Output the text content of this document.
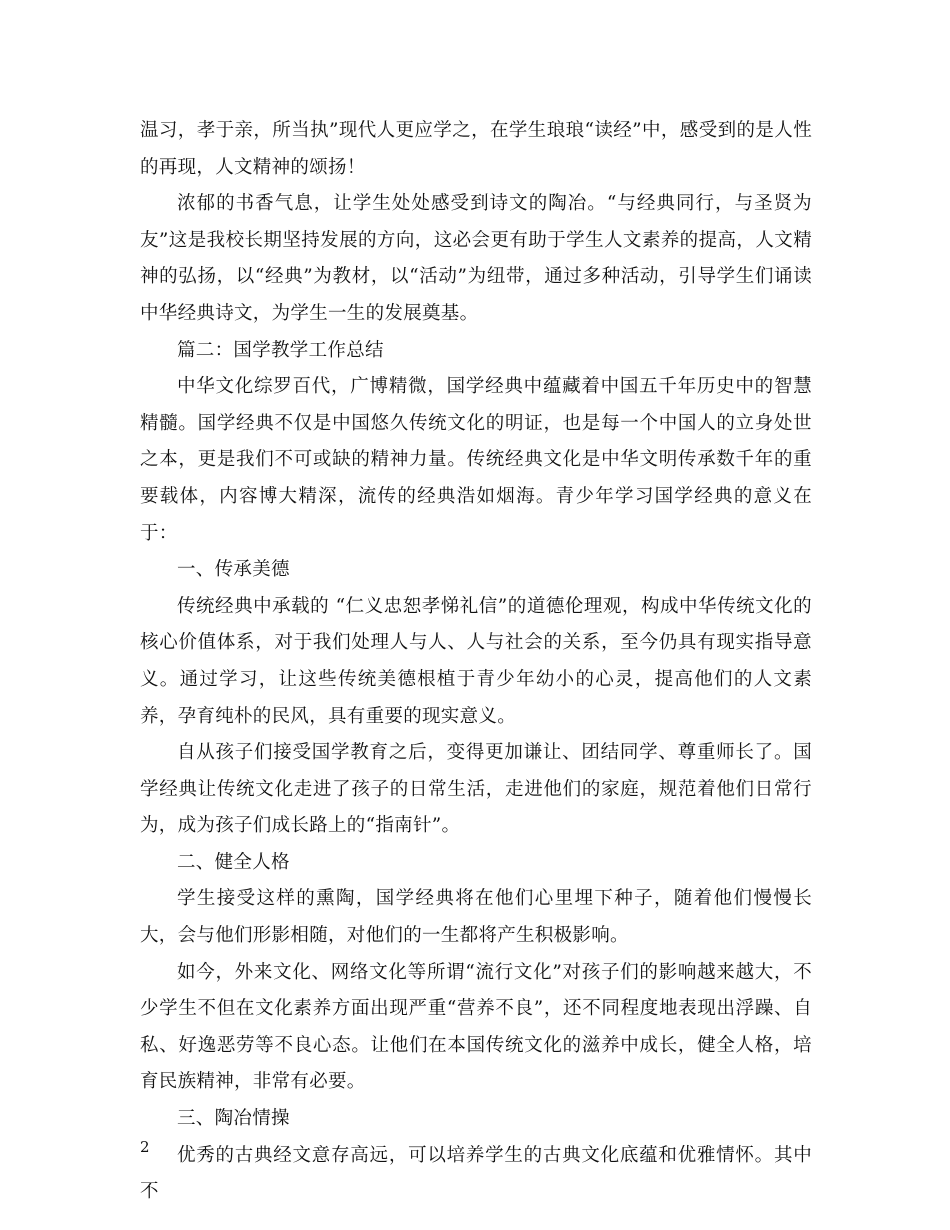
温习，孝于亲，所当执”现代人更应学之，在学生琅琅“读经”中，感受到的是人性的再现，人文精神的颂扬！

浓郁的书香气息，让学生处处感受到诗文的陶冶。“与经典同行，与圣贤为友”这是我校长期坚持发展的方向，这必会更有助于学生人文素养的提高，人文精神的弘扬，以“经典”为教材，以“活动”为纽带，通过多种活动，引导学生们诵读中华经典诗文，为学生一生的发展奠基。

篇二：国学教学工作总结

中华文化综罗百代，广博精微，国学经典中蕴藏着中国五千年历史中的智慧精髓。国学经典不仅是中国悠久传统文化的明证，也是每一个中国人的立身处世之本，更是我们不可或缺的精神力量。传统经典文化是中华文明传承数千年的重要载体，内容博大精深，流传的经典浩如烟海。青少年学习国学经典的意义在于：

一、传承美德

传统经典中承载的 “仁义忠恕孝悌礼信”的道德伦理观，构成中华传统文化的核心价值体系，对于我们处理人与人、人与社会的关系，至今仍具有现实指导意义。通过学习，让这些传统美德根植于青少年幼小的心灵，提高他们的人文素养，孕育纯朴的民风，具有重要的现实意义。

自从孩子们接受国学教育之后，变得更加谦让、团结同学、尊重师长了。国学经典让传统文化走进了孩子的日常生活，走进他们的家庭，规范着他们日常行为，成为孩子们成长路上的“指南针”。

二、健全人格

学生接受这样的熏陶，国学经典将在他们心里埋下种子，随着他们慢慢长大，会与他们形影相随，对他们的一生都将产生积极影响。

如今，外来文化、网络文化等所谓“流行文化”对孩子们的影响越来越大，不少学生不但在文化素养方面出现严重“营养不良”，还不同程度地表现出浮躁、自私、好逸恶劳等不良心态。让他们在本国传统文化的滋养中成长，健全人格，培育民族精神，非常有必要。

三、陶冶情操

优秀的古典经文意存高远，可以培养学生的古典文化底蕴和优雅情怀。其中不

2
